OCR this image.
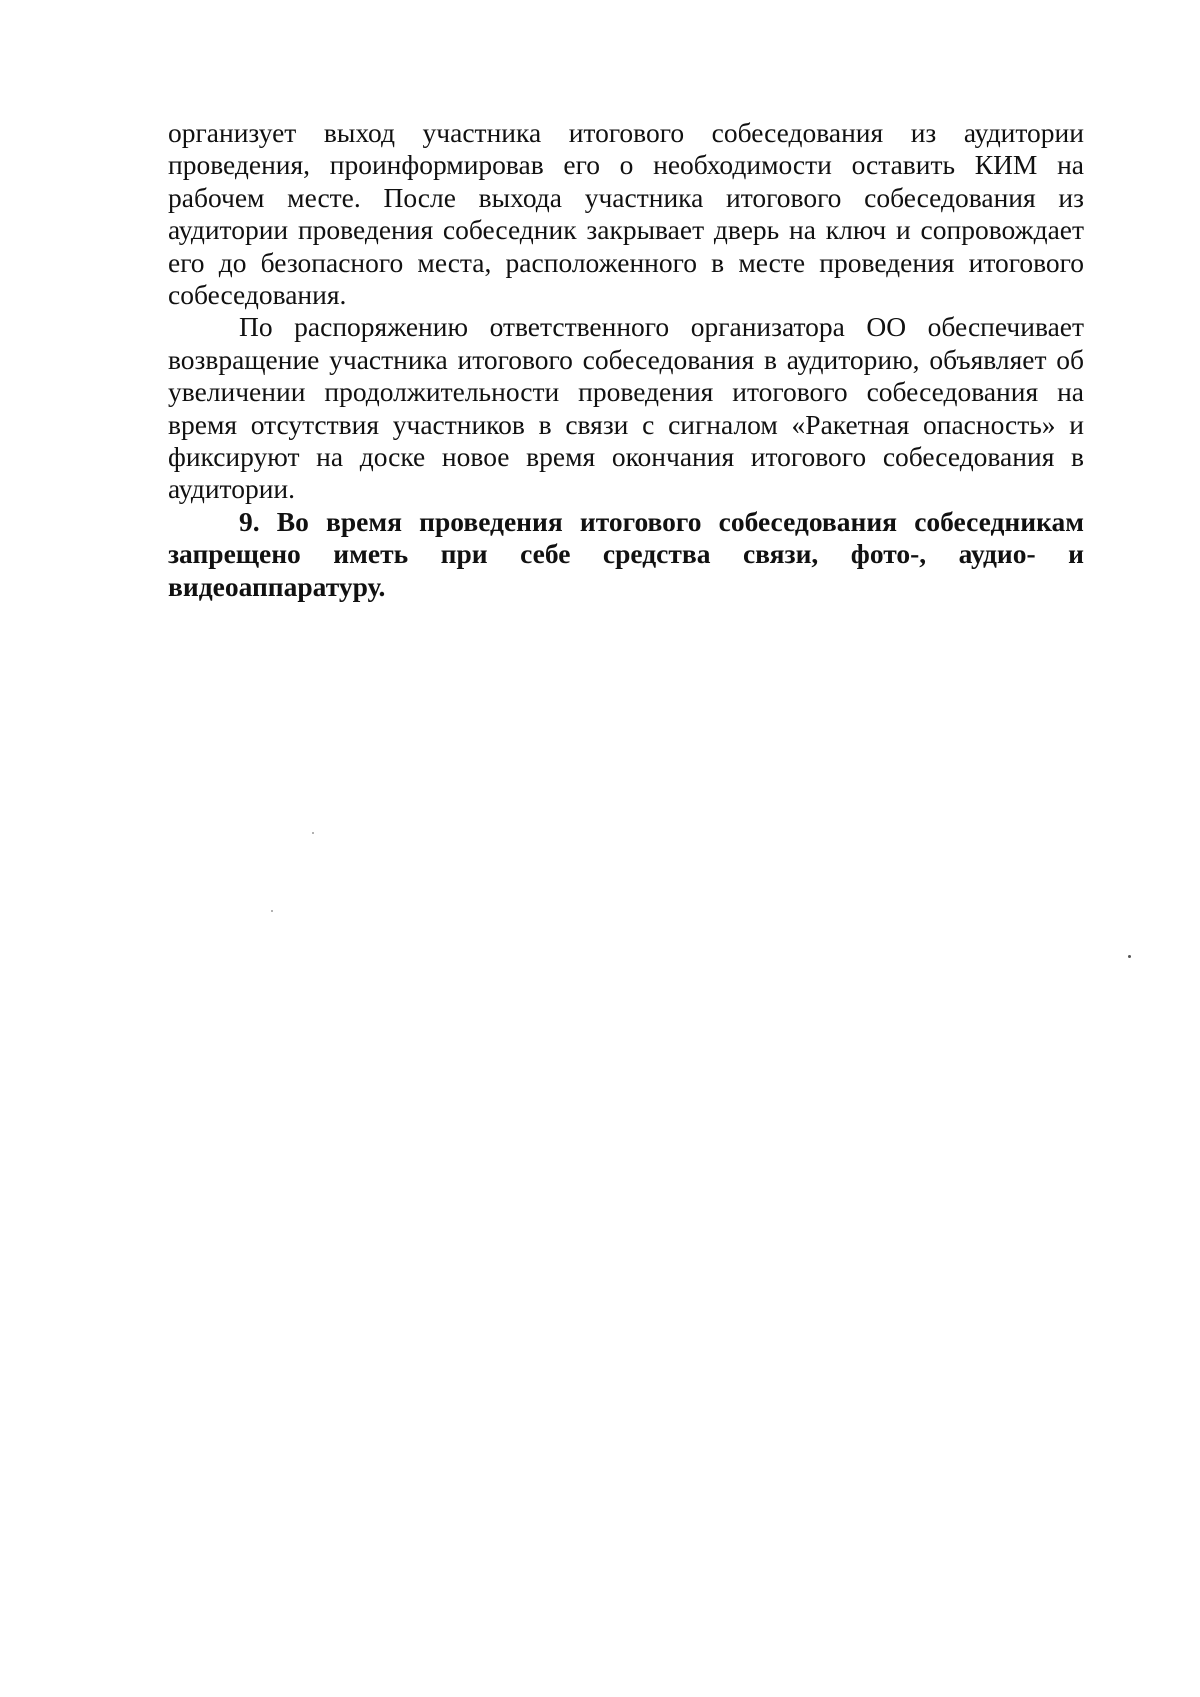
организует выход участника итогового собеседования из аудитории проведения, проинформировав его о необходимости оставить КИМ на рабочем месте. После выхода участника итогового собеседования из аудитории проведения собеседник закрывает дверь на ключ и сопровождает его до безопасного места, расположенного в месте проведения итогового собеседования.

По распоряжению ответственного организатора ОО обеспечивает возвращение участника итогового собеседования в аудиторию, объявляет об увеличении продолжительности проведения итогового собеседования на время отсутствия участников в связи с сигналом «Ракетная опасность» и фиксируют на доске новое время окончания итогового собеседования в аудитории.

9. Во время проведения итогового собеседования собеседникам запрещено иметь при себе средства связи, фото-, аудио- и видеоаппаратуру.
